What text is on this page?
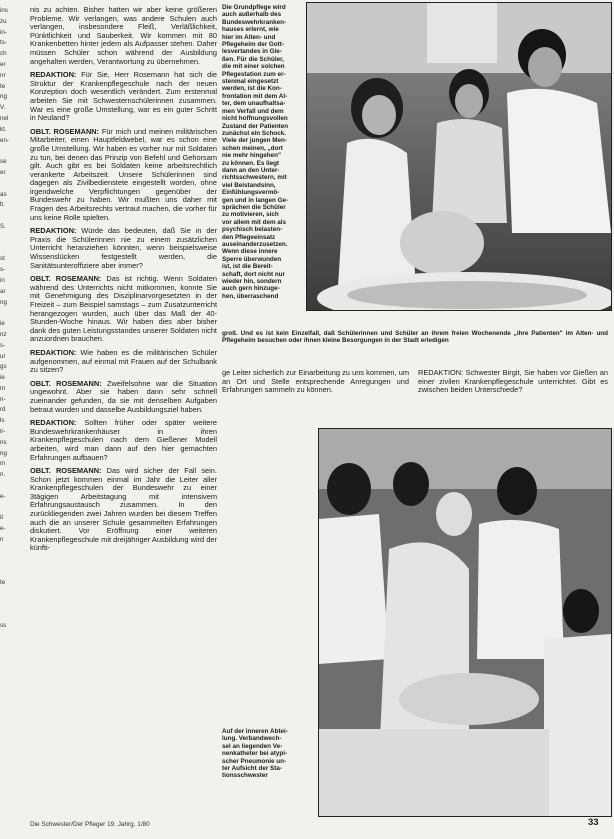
ins
zu
in-
ts-
ch
er
nr
te
ng
V.
nel
kt.
en-

se
er

as
lt.

S.

st
s-
in
ar
ng

ie
nz
s-
ul
gs
ie
rn
n-
rd
ls
ir-
ns
ng
rn
n.

e-

it
e-
n

te

ss

nis zu achten. Bisher hatten wir aber keine größeren Probleme. Wir verlangen, was andere Schulen auch verlangen, insbesondere Fleiß, Verläßlichkeit, Pünktlichkeit und Sauberkeit. Wir kommen mit 80 Krankenbetten hinter jedem als Aufpasser stehen. Daher müssen Schüler schon während der Ausbildung angehalten werden, Verantwortung zu übernehmen.

REDAKTION: Für Sie, Herr Rosemann hat sich die Struktur der Krankenpflegeschule nach der neuen Konzeption doch wesentlich verändert. Zum erstenmal arbeiten Sie mit Schwesternschülerinnen zusammen. War es eine große Umstellung, war es ein guter Schritt in Neuland?

OBLT. ROSEMANN: Für mich und meinen militärischen Mitarbeiter, einen Hauptfeldwebel, war es schon eine große Umstellung. Wir haben es vorher nur mit Soldaten zu tun, bei denen das Prinzip von Befehl und Gehorsam gilt. Auch gibt es bei Soldaten keine arbeitsrechtlich verankerte Arbeitszeit. Unsere Schülerinnen sind dagegen als Zivilbedienstete eingestellt worden, ohne irgendwelche Verpflichtungen gegenüber der Bundeswehr zu haben. Wir mußten uns daher mit Fragen des Arbeitsrechts vertraut machen, die vorher für uns keine Rolle spielten.

REDAKTION: Würde das bedeuten, daß Sie in der Praxis die Schülerinnen nie zu einem zusätzlichen Unterricht heranziehen könnten, wenn beispielsweise Wissenslücken festgestellt werden, die Sanitätsunteroffiziere aber immer?

OBLT. ROSEMANN: Das ist richtig. Wenn Soldaten während des Unterrichts nicht mitkommen, konnte Sie mit Genehmigung des Disziplinarvorgesetzten in der Freizeit – zum Beispiel samstags – zum Zusatzunterricht herangezogen wurden, auch über das Maß der 40-Stunden-Woche hinaus. Wir haben dies aber bisher dank des guten Leistungsstandes unserer Soldaten nicht anzuordnen brauchen.

REDAKTION: Wie haben es die militärischen Schüler aufgenommen, auf einmal mit Frauen auf der Schulbank zu sitzen?

OBLT. ROSEMANN: Zweifelsohne war die Situation ungewohnt. Aber sie haben dann sehr schnell zueinander gefunden, da sie mit denselben Aufgaben betraut wurden und dasselbe Ausbildungsziel haben.

REDAKTION: Sollten früher oder später weitere Bundeswehrkrankenhäuser in ihren Krankenpflegeschulen nach dem Gießener Modell arbeiten, wird man dann auf den hier gemachten Erfahrungen aufbauen?

OBLT. ROSEMANN: Das wird sicher der Fall sein. Schon jetzt kommen einmal im Jahr die Leiter aller Krankenpflegeschulen der Bundeswehr zu einer 3tägigen Arbeitstagung mit intensivem Erfahrungsaustausch zusammen. In den zurückliegenden zwei Jahren wurden bei diesem Treffen auch die an unserer Schule gesammelten Erfahrungen diskutiert. Vor Eröffnung einer weiteren Krankenpflegeschule mit dreijähriger Ausbildung wird der künfti-

Die Grundpflege wird

auch außerhalb des

Bundeswehrkranken-

hauses erlernt, wie

hier im Alten- und

Pflegeheim der Gott-

lesvertandes in Gie-

ßen. Für die Schüler,

die mit einer solchen

Pflegestation zum er-

stenmal eingesetzt

werden, ist die Kon-

frontation mit dem Al-

ter, dem unaufhaltsa-

men Verfall und dem

nicht hoffnungsvollen

Zustand der Patienten

zunächst ein Schock.

Viele der jungen Men-

schen meinen, „dort

nie mehr hingehen"

zu können. Es liegt

dann an den Unter-

richtsschwestern, mit

viel Beistandsinn,

Einfühlungsvermö-

gen und in langen Ge-

sprächen die Schüler

zu motivieren, sich

vor allem mit dem als

psychisch belasten-

den Pflegeeinsatz

auseinanderzusetzen.

Wenn diese innere

Sperre überwunden

ist, ist die Bereit-

schaft, dort nicht nur

wieder hin, sondern

auch gern hinzuge-

hen, überraschend

groß. Und es ist kein Einzelfall, daß Schülerinnen und Schüler an ihrem freien Wochenende „ihre Patienten" im Alten- und Pflegeheim besuchen oder ihnen kleine Besorgungen in der Stadt erledigen
ge Leiter sicherlich zur Einarbeitung zu uns kommen, um an Ort und Stelle entsprechende Anregungen und Erfahrungen sammeln zu können.
REDAKTION: Schwester Birgit, Sie haben vor Gießen an einer zivilen Krankenpflegeschule unterrichtet. Gibt es zwischen beiden Unterschiede?
Auf der inneren Abtei-
lung. Verbandwech-
sel an liegenden Ve-
nenkatheter bei atypi-
scher Pneumonie un-
ter Aufsicht der Sta-
tionsschwester
Die Schwester/Der Pfleger 19. Jahrg. 1/80	33
